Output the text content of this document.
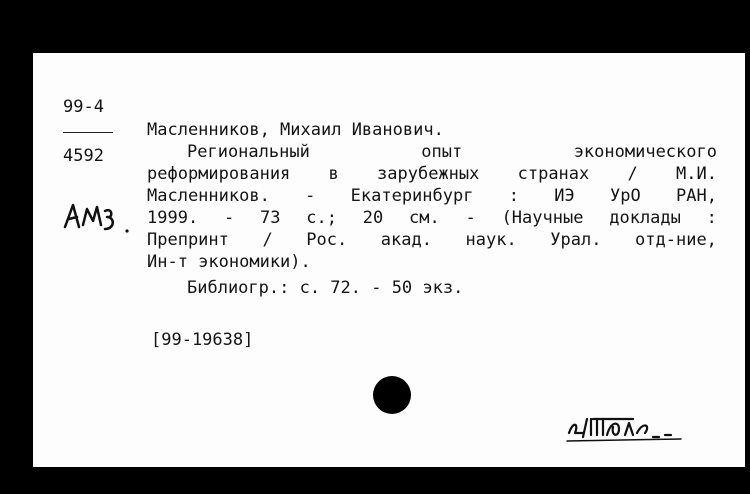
99-4
4592
Масленников, Михаил Иванович.
Региональный	опыт	экономического
реформирования в зарубежных странах / М.И.
Масленников. - Екатеринбург : ИЭ УрО РАН,
1999. - 73 с.; 20 см. - (Научные доклады :
Препринт / Рос. акад. наук. Урал. отд-ние,
Ин-т экономики).
Библиогр.: с. 72. - 50 экз.
[99-19638]
